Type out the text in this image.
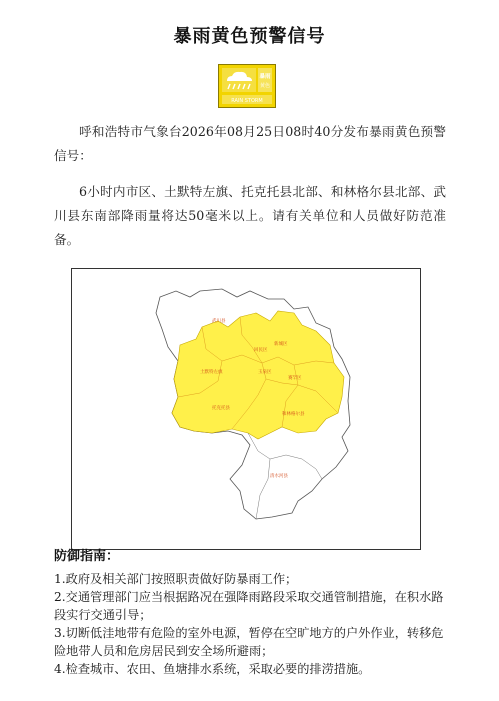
暴雨黄色预警信号
暴雨
黄色
RAIN STORM
呼和浩特市气象台2026年08月25日08时40分发布暴雨黄色预警信号：
6小时内市区、土默特左旗、托克托县北部、和林格尔县北部、武川县东南部降雨量将达50毫米以上。请有关单位和人员做好防范准备。
武川县
回民区
新城区
土默特左旗
赛罕区
玉泉区
托克托县
和林格尔县
清水河县
防御指南：

1.政府及相关部门按照职责做好防暴雨工作；

2.交通管理部门应当根据路况在强降雨路段采取交通管制措施，在积水路段实行交通引导；

3.切断低洼地带有危险的室外电源，暂停在空旷地方的户外作业，转移危险地带人员和危房居民到安全场所避雨；

4.检查城市、农田、鱼塘排水系统，采取必要的排涝措施。
